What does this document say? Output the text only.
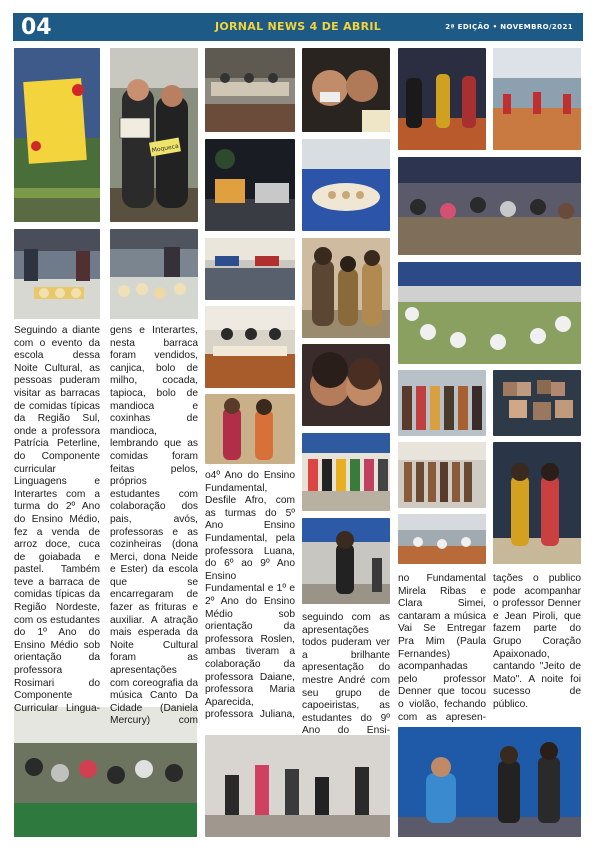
04	JORNAL NEWS 4 DE ABRIL	2ª EDIÇÃO • NOVEMBRO/2021
Moqueca

Seguindo a diante com o evento da escola dessa Noite Cultural, as pessoas puderam visitar as barracas de comidas típicas da Região Sul, onde a professora Patrícia Peterline, do Componente curricular Linguagens e Interartes com a turma do 2º Ano do Ensino Médio, fez a venda de arroz doce, cuca de goiabada e pastel. Também teve a barraca de comidas típicas da Região Nordeste, com os estudantes do 1º Ano do Ensino Médio sob orientação da professora Rosimari do Componente Curricular Lingua-

gens e Interartes, nesta barraca foram vendidos, canjica, bolo de milho, cocada, tapioca, bolo de mandioca e coxinhas de mandioca, lembrando que as comidas foram feitas pelos, próprios estudantes com colaboração dos pais, avós, professoras e as cozinheiras (dona Merci, dona Neide e Ester) da escola que se encarregaram de fazer as frituras e auxiliar. A atração mais esperada da Noite Cultural foram as apresentações com coreografia da música Canto Da Cidade (Daniela Mercury) com

o4º Ano do Ensino Fundamental, Desfile Afro, com as turmas do 5º Ano Ensino Fundamental, pela professora Luana, do 6º ao 9º Ano Ensino Fundamental e 1º e 2º Ano do Ensino Médio sob orientação da professora Roslen, ambas tiveram a colaboração da professora Daiane, professora Maria Aparecida, professora Juliana,

seguindo com as apresentações todos puderam ver a brilhante apresentação do mestre André com seu grupo de capoeiristas, as estudantes do 9º Ano do Ensi-

no Fundamental Mirela Ribas e Clara Simei, cantaram a música Vai Se Entregar Pra Mim (Paula Fernandes) acompanhadas pelo professor Denner que tocou o violão, fechando com as apresen-

tações o publico pode acompanhar o professor Denner e Jean Piroli, que fazem parte do Grupo Coração Apaixonado, cantando "Jeito de Mato". A noite foi sucesso de público.
